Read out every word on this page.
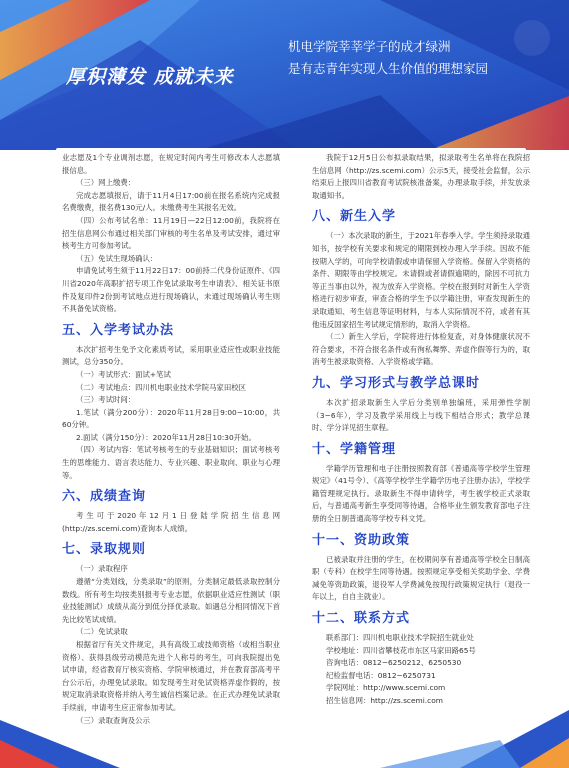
厚积薄发 成就未来
机电学院莘莘学子的成才绿洲
是有志青年实现人生价值的理想家园

业志愿及1个专业调剂志愿，在规定时间内考生可修改本人志愿填报信息。

（三）网上缴费：

完成志愿填报后，请于11月4日17:00前在报名系统内完成报名费缴费，报名费130元/人。未缴费考生其报名无效。

（四）公布考试名单：11月19日—22日12:00前，我院将在招生信息网公布通过相关部门审核的考生名单及考试安排，通过审核考生方可参加考试。

（五）免试生现场确认：

申请免试考生须于11月22日17：00前持二代身份证原件、《四川省2020年高职扩招专项工作免试录取考生申请表》、相关证书原件及复印件2份到考试地点进行现场确认，未通过现场确认考生则不具备免试资格。

五、入学考试办法

本次扩招考生免予文化素质考试，采用职业适应性或职业技能测试，总分350分。

（一）考试形式：面试+笔试

（二）考试地点：四川机电职业技术学院马家田校区

（三）考试时间：

1.笔试（满分200分）：2020年11月28日9:00−10:00，共60分钟。

2.面试（满分150分）：2020年11月28日10:30开始。

（四）考试内容：笔试考核考生的专业基础知识；面试考核考生的思维能力、语言表达能力、专业兴趣、职业取向、职业与心理等。

六、成绩查询

考生可于2020年12月1日登陆学院招生信息网(http://zs.scemi.com)查询本人成绩。

七、录取规则

（一）录取程序

遵循“分类划线，分类录取”的原则，分类制定最低录取控制分数线。所有考生均按类别报考专业志愿，依据职业适应性测试（职业技能测试）成绩从高分到低分择优录取。如遇总分相同情况下首先比较笔试成绩。

（二）免试录取

根据省厅有关文件规定，具有高级工或技师资格（或相当职业资格）、获得县级劳动模范先进个人称号的考生，可向我院提出免试申请，经省教育厅核实资格、学院审核通过，并在教育部高考平台公示后，办理免试录取。如发现考生对免试资格弄虚作假的，按规定取消录取资格并纳入考生诚信档案记录。在正式办理免试录取手续前，申请考生应正常参加考试。

（三）录取查询及公示

我院于12月5日公布拟录取结果，拟录取考生名单将在我院招生信息网（http://zs.scemi.com）公示5天，接受社会监督，公示结束后上报四川省教育考试院核准备案，办理录取手续，并发放录取通知书。

八、新生入学

（一）本次录取的新生，于2021年春季入学。学生须持录取通知书，按学校有关要求和规定的期限到校办理入学手续。因故不能按期入学的，可向学校请假或申请保留入学资格。保留入学资格的条件、期限等由学校规定。未请假或者请假逾期的，除因不可抗力等正当事由以外，视为放弃入学资格。学校在报到时对新生入学资格进行初步审查，审查合格的学生予以学籍注册，审查发现新生的录取通知、考生信息等证明材料，与本人实际情况不符，或者有其他违反国家招生考试规定情形的，取消入学资格。

（二）新生入学后，学院将进行体检复查，对身体健康状况不符合要求，不符合报名条件或有徇私舞弊、弄虚作假等行为的，取消考生被录取资格、入学资格或学籍。

九、学习形式与教学总课时

本次扩招录取新生入学后分类别单独编班，采用弹性学制（3−6年），学习及教学采用线上与线下相结合形式；教学总课时、学分详见招生章程。

十、学籍管理

学籍学历管理和电子注册按照教育部《普通高等学校学生管理规定》（41号令）、《高等学校学生学籍学历电子注册办法》，学校学籍管理规定执行。录取新生不得申请转学，考生被学校正式录取后，与普通高考新生享受同等待遇，合格毕业生颁发教育部电子注册的全日制普通高等学校专科文凭。

十一、资助政策

已被录取并注册的学生，在校期间享有普通高等学校全日制高职（专科）在校学生同等待遇。按照规定享受相关奖助学金、学费减免等资助政策，退役军人学费减免按现行政策规定执行（退役一年以上，自自主就业）。

十二、联系方式

联系部门：四川机电职业技术学院招生就业处

学校地址：四川省攀枝花市东区马家田路65号

咨询电话：0812−6250212、6250530

纪检监督电话：0812−6250731

学院网址：http://www.scemi.com

招生信息网：http://zs.scemi.com
